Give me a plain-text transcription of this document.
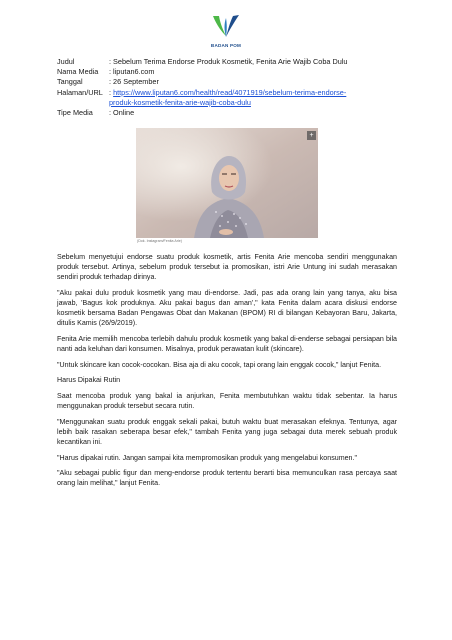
BADAN POM
Judul	: Sebelum Terima Endorse Produk Kosmetik, Fenita Arie Wajib Coba Dulu
Nama Media	: liputan6.com
Tanggal	: 26 September
Halaman/URL : https://www.liputan6.com/health/read/4071919/sebelum-terima-endorse-
produk-kosmetik-fenita-arie-wajib-coba-dulu
Tipe Media	: Online
+
(Dok. Instagram/Fenita Arie)

Sebelum menyetujui endorse suatu produk kosmetik, artis Fenita Arie mencoba sendiri menggunakan produk tersebut. Artinya, sebelum produk tersebut ia promosikan, istri Arie Untung ini sudah merasakan sendiri produk terhadap dirinya.

"Aku pakai dulu produk kosmetik yang mau di-endorse. Jadi, pas ada orang lain yang tanya, aku bisa jawab, 'Bagus kok produknya. Aku pakai bagus dan aman'," kata Fenita dalam acara diskusi endorse kosmetik bersama Badan Pengawas Obat dan Makanan (BPOM) RI di bilangan Kebayoran Baru, Jakarta, ditulis Kamis (26/9/2019).

Fenita Arie memilih mencoba terlebih dahulu produk kosmetik yang bakal di-enderse sebagai persiapan bila nanti ada keluhan dari konsumen. Misalnya, produk perawatan kulit (skincare).

"Untuk skincare kan cocok-cocokan. Bisa aja di aku cocok, tapi orang lain enggak cocok," lanjut Fenita.

Harus Dipakai Rutin

Saat mencoba produk yang bakal ia anjurkan, Fenita membutuhkan waktu tidak sebentar. Ia harus menggunakan produk tersebut secara rutin.

"Menggunakan suatu produk enggak sekali pakai, butuh waktu buat merasakan efeknya. Tentunya, agar lebih baik rasakan seberapa besar efek," tambah Fenita yang juga sebagai duta merek sebuah produk kecantikan ini.

"Harus dipakai rutin. Jangan sampai kita mempromosikan produk yang mengelabui konsumen."

"Aku sebagai public figur dan meng-endorse produk tertentu berarti bisa memunculkan rasa percaya saat orang lain melihat," lanjut Fenita.
